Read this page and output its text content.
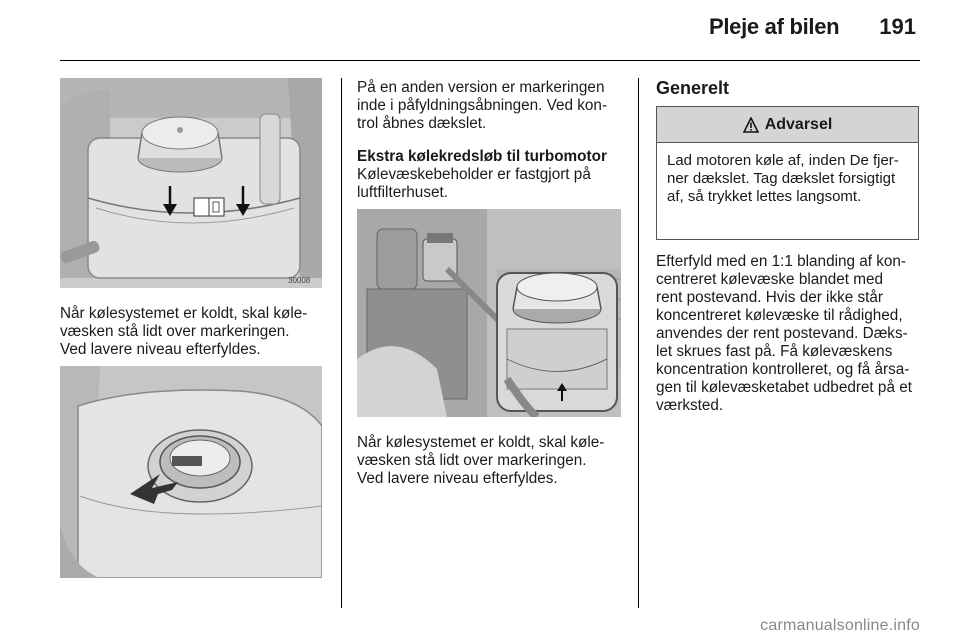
Pleje af bilen 191
30008
Når kølesystemet er koldt, skal køle-
væsken stå lidt over markeringen.
Ved lavere niveau efterfyldes.
På en anden version er markeringen
inde i påfyldningsåbningen. Ved kon-
trol åbnes dækslet.
Ekstra kølekredsløb til turbomotor
Kølevæskebeholder er fastgjort på
luftfilterhuset.
Når kølesystemet er koldt, skal køle-
væsken stå lidt over markeringen.
Ved lavere niveau efterfyldes.
Generelt
Advarsel
Lad motoren køle af, inden De fjer-
ner dækslet. Tag dækslet forsigtigt
af, så trykket lettes langsomt.
Efterfyld med en 1:1 blanding af kon-
centreret kølevæske blandet med
rent postevand. Hvis der ikke står
koncentreret kølevæske til rådighed,
anvendes der rent postevand. Dæks-
let skrues fast på. Få kølevæskens
koncentration kontrolleret, og få årsa-
gen til kølevæsketabet udbedret på et
værksted.
carmanualsonline.info
